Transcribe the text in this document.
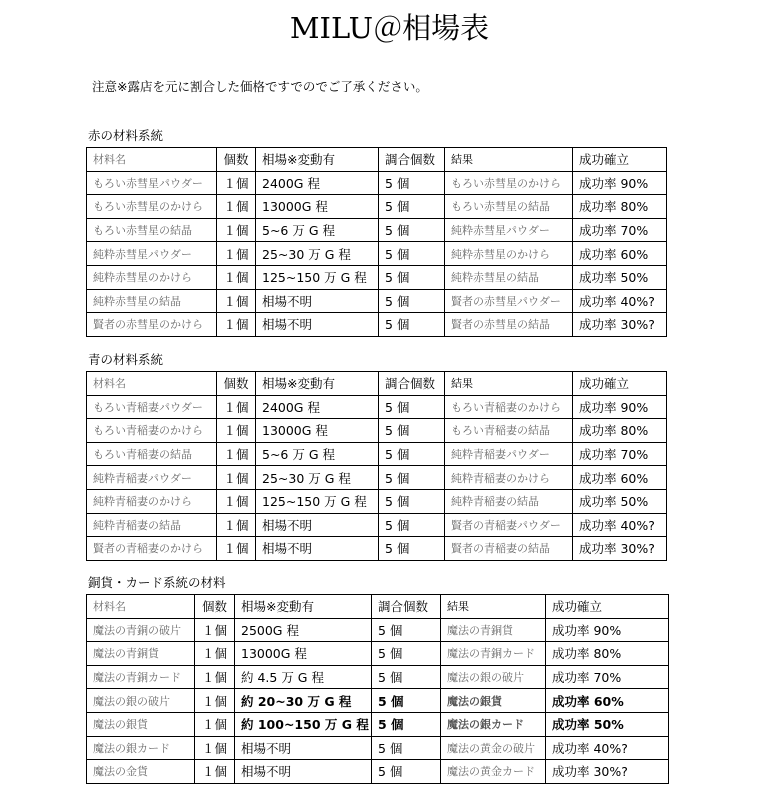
MILU＠相場表
注意※露店を元に割合した価格ですでのでご了承ください。
赤の材料系統
材料名	個数	相場※変動有	調合個数	結果	成功確立
もろい赤彗星パウダー	１個	2400G 程	5 個	もろい赤彗星のかけら	成功率 90%
もろい赤彗星のかけら	１個	13000G 程	5 個	もろい赤彗星の結晶	成功率 80%
もろい赤彗星の結晶	１個	5~6 万 G 程	5 個	純粋赤彗星パウダー	成功率 70%
純粋赤彗星パウダー	１個	25~30 万 G 程	5 個	純粋赤彗星のかけら	成功率 60%
純粋赤彗星のかけら	１個	125~150 万 G 程	5 個	純粋赤彗星の結晶	成功率 50%
純粋赤彗星の結晶	１個	相場不明	5 個	賢者の赤彗星パウダー	成功率 40%?
賢者の赤彗星のかけら	１個	相場不明	5 個	賢者の赤彗星の結晶	成功率 30%?
青の材料系統
材料名	個数	相場※変動有	調合個数	結果	成功確立
もろい青稲妻パウダー	１個	2400G 程	5 個	もろい青稲妻のかけら	成功率 90%
もろい青稲妻のかけら	１個	13000G 程	5 個	もろい青稲妻の結晶	成功率 80%
もろい青稲妻の結晶	１個	5~6 万 G 程	5 個	純粋青稲妻パウダー	成功率 70%
純粋青稲妻パウダー	１個	25~30 万 G 程	5 個	純粋青稲妻のかけら	成功率 60%
純粋青稲妻のかけら	１個	125~150 万 G 程	5 個	純粋青稲妻の結晶	成功率 50%
純粋青稲妻の結晶	１個	相場不明	5 個	賢者の青稲妻パウダー	成功率 40%?
賢者の青稲妻のかけら	１個	相場不明	5 個	賢者の青稲妻の結晶	成功率 30%?
銅貨・カード系統の材料
材料名	個数	相場※変動有	調合個数	結果	成功確立
魔法の青銅の破片	１個	2500G 程	5 個	魔法の青銅貨	成功率 90%
魔法の青銅貨	１個	13000G 程	5 個	魔法の青銅カード	成功率 80%
魔法の青銅カード	１個	約 4.5 万 G 程	5 個	魔法の銀の破片	成功率 70%
魔法の銀の破片	１個	約 20~30 万 G 程	5 個	魔法の銀貨	成功率 60%
魔法の銀貨	１個	約 100~150 万 G 程	5 個	魔法の銀カード	成功率 50%
魔法の銀カード	１個	相場不明	5 個	魔法の黄金の破片	成功率 40%?
魔法の金貨	１個	相場不明	5 個	魔法の黄金カード	成功率 30%?
